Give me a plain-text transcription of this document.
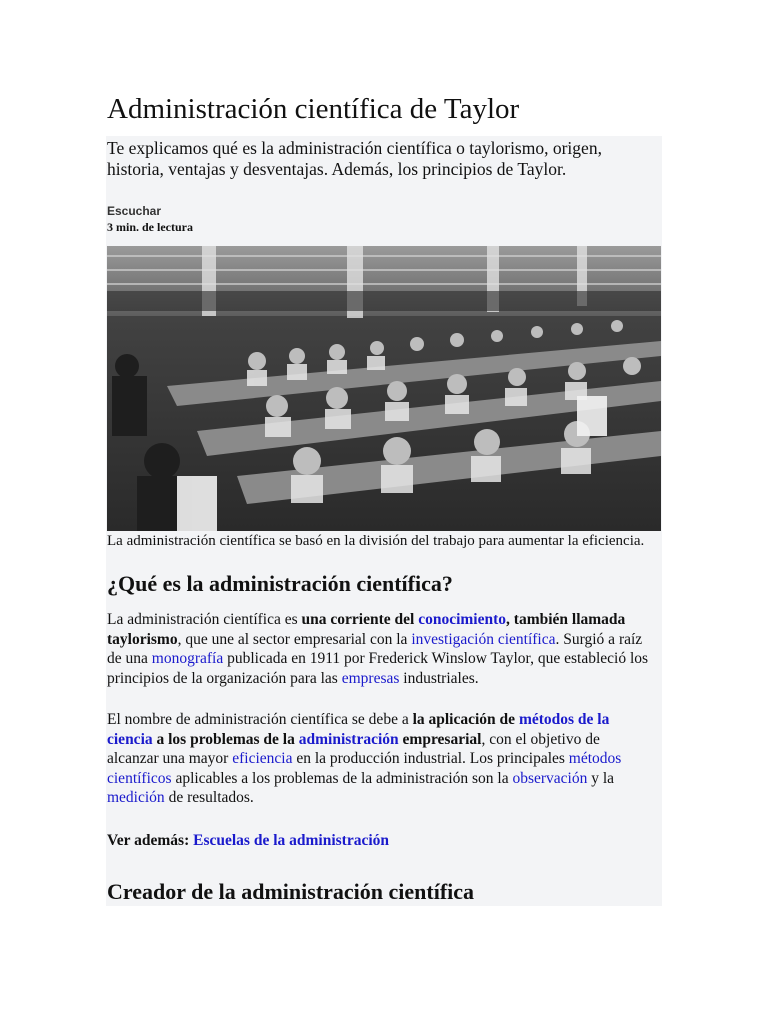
Administración científica de Taylor

Te explicamos qué es la administración científica o taylorismo, origen, historia, ventajas y desventajas. Además, los principios de Taylor.

Escuchar
3 min. de lectura

La administración científica se basó en la división del trabajo para aumentar la eficiencia.

¿Qué es la administración científica?

La administración científica es una corriente del conocimiento, también llamada taylorismo, que une al sector empresarial con la investigación científica. Surgió a raíz de una monografía publicada en 1911 por Frederick Winslow Taylor, que estableció los principios de la organización para las empresas industriales.

El nombre de administración científica se debe a la aplicación de métodos de la ciencia a los problemas de la administración empresarial, con el objetivo de alcanzar una mayor eficiencia en la producción industrial. Los principales métodos científicos aplicables a los problemas de la administración son la observación y la medición de resultados.

Ver además: Escuelas de la administración

Creador de la administración científica
